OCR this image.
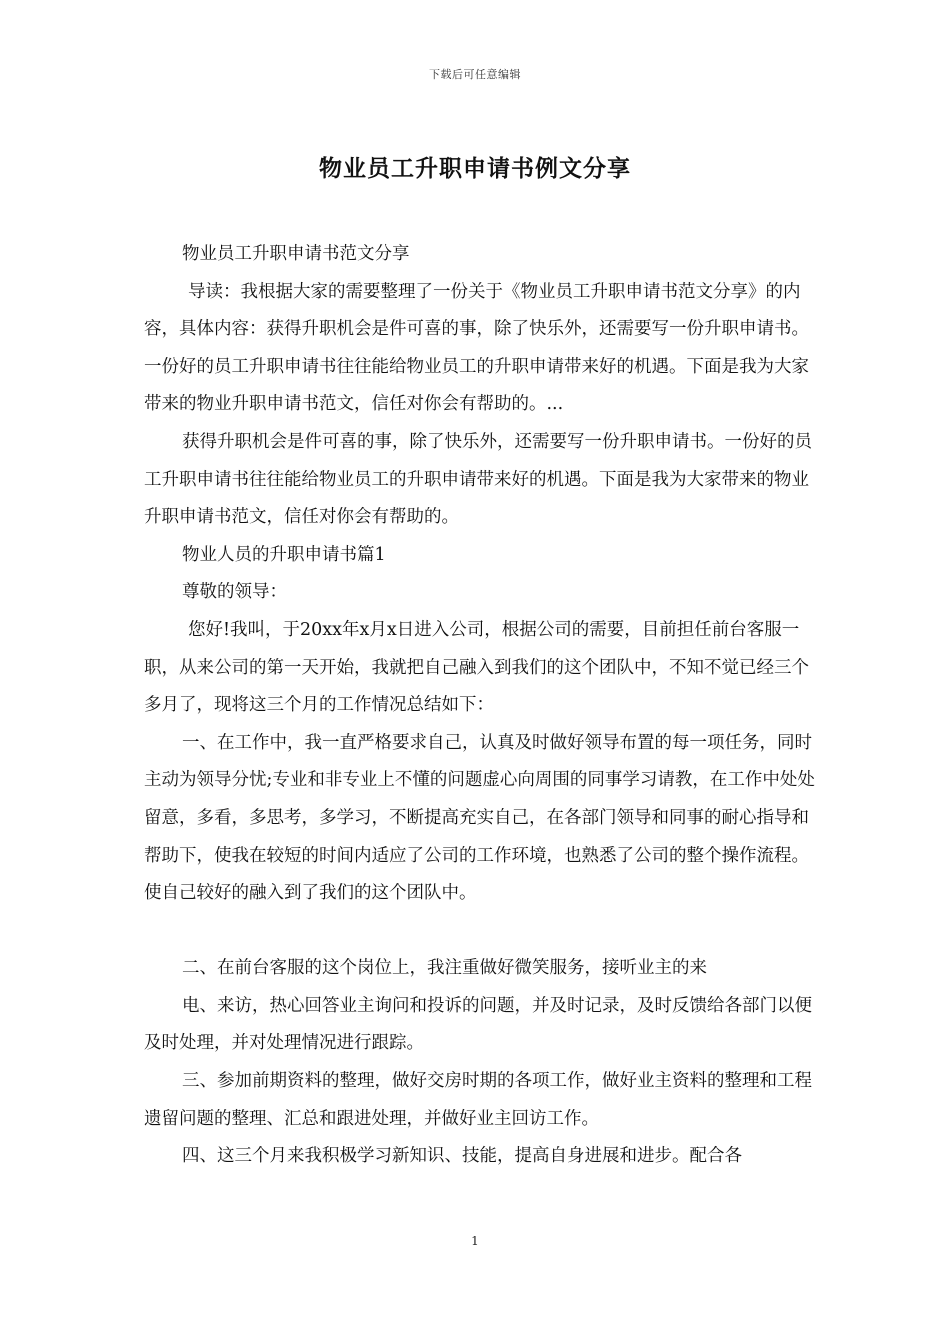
下载后可任意编辑
物业员工升职申请书例文分享

物业员工升职申请书范文分享

导读：我根据大家的需要整理了一份关于《物业员工升职申请书范文分享》的内容，具体内容：获得升职机会是件可喜的事，除了快乐外，还需要写一份升职申请书。一份好的员工升职申请书往往能给物业员工的升职申请带来好的机遇。下面是我为大家带来的物业升职申请书范文，信任对你会有帮助的。...

获得升职机会是件可喜的事，除了快乐外，还需要写一份升职申请书。一份好的员工升职申请书往往能给物业员工的升职申请带来好的机遇。下面是我为大家带来的物业升职申请书范文，信任对你会有帮助的。

物业人员的升职申请书篇1

尊敬的领导：

您好!我叫，于20xx年x月x日进入公司，根据公司的需要，目前担任前台客服一职，从来公司的第一天开始，我就把自己融入到我们的这个团队中，不知不觉已经三个多月了，现将这三个月的工作情况总结如下：

一、在工作中，我一直严格要求自己，认真及时做好领导布置的每一项任务，同时主动为领导分忧;专业和非专业上不懂的问题虚心向周围的同事学习请教，在工作中处处留意，多看，多思考，多学习，不断提高充实自己，在各部门领导和同事的耐心指导和帮助下，使我在较短的时间内适应了公司的工作环境，也熟悉了公司的整个操作流程。使自己较好的融入到了我们的这个团队中。

二、在前台客服的这个岗位上，我注重做好微笑服务，接听业主的来

电、来访，热心回答业主询问和投诉的问题，并及时记录，及时反馈给各部门以便及时处理，并对处理情况进行跟踪。

三、参加前期资料的整理，做好交房时期的各项工作，做好业主资料的整理和工程遗留问题的整理、汇总和跟进处理，并做好业主回访工作。

四、这三个月来我积极学习新知识、技能，提高自身进展和进步。配合各

1
